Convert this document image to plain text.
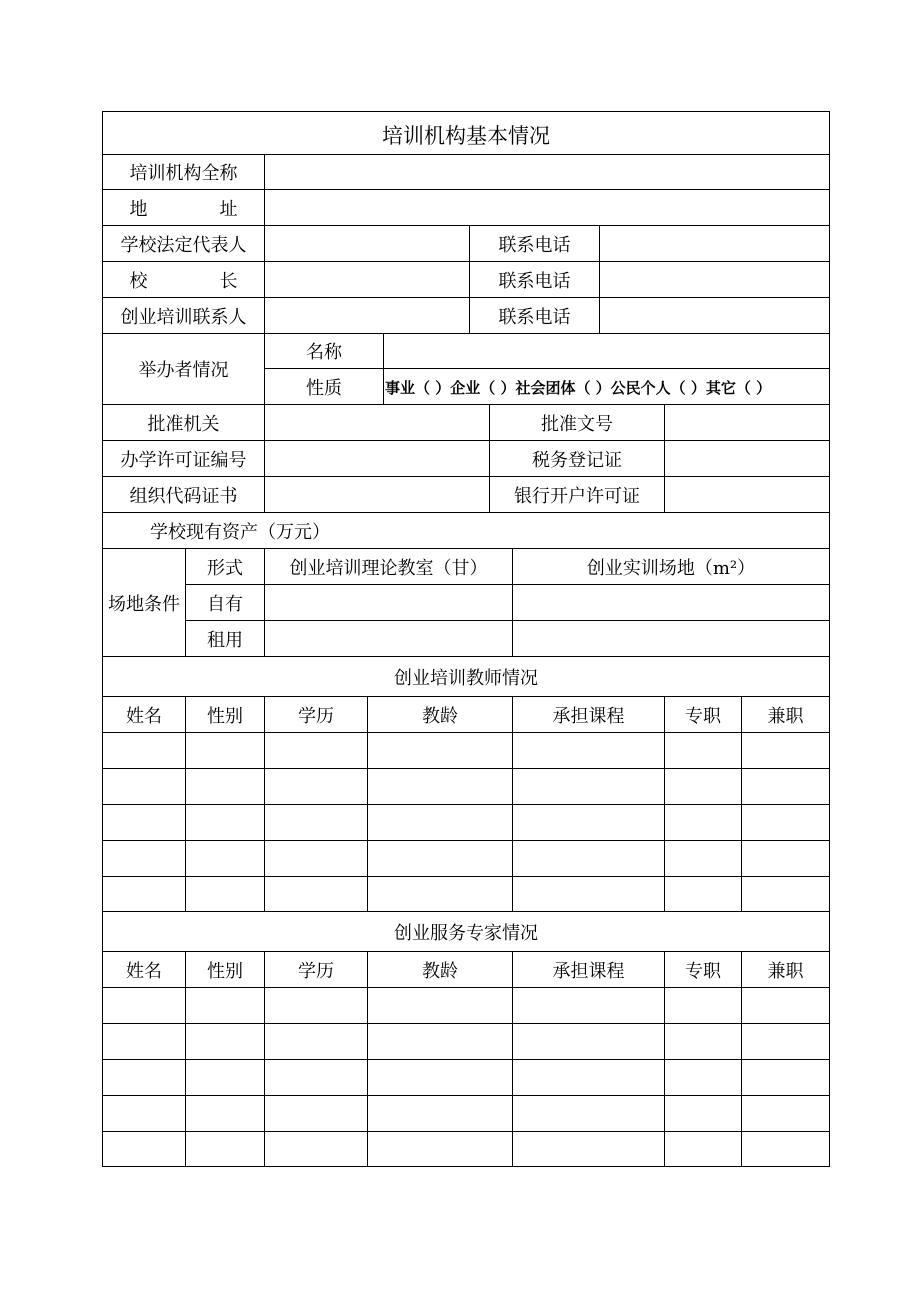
培训机构基本情况
培训机构全称
地　　　　址
学校法定代表人	联系电话
校　　　　长	联系电话
创业培训联系人	联系电话
举办者情况
名称
性质	事业（ ）企业（ ）社会团体（ ）公民个人（ ）其它（ ）
批准机关	批准文号
办学许可证编号	税务登记证
组织代码证书	银行开户许可证
学校现有资产（万元）
场地条件
形式	创业培训理论教室（甘）	创业实训场地（m²）
自有
租用
创业培训教师情况
姓名	性别	学历	教龄	承担课程	专职	兼职
创业服务专家情况
姓名	性别	学历	教龄	承担课程	专职	兼职
